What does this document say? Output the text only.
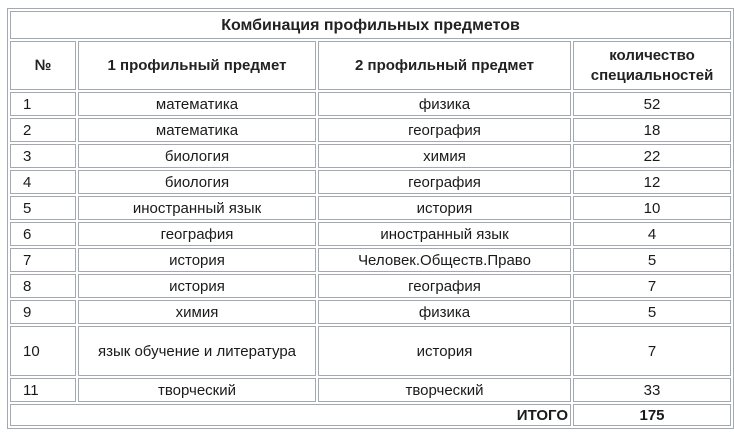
Комбинация профильных предметов			
№	1 профильный предмет	2 профильный предмет	количество специальностей
1	математика	физика	52
2	математика	география	18
3	биология	химия	22
4	биология	география	12
5	иностранный язык	история	10
6	география	иностранный язык	4
7	история	Человек.Обществ.Право	5
8	история	география	7
9	химия	физика	5
10	язык обучение и литература	история	7
11	творческий	творческий	33
ИТОГО			175
